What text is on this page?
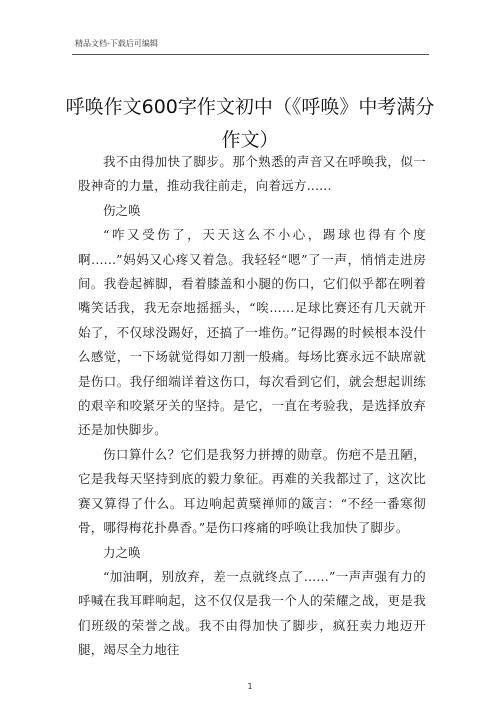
精品文档-下载后可编辑
呼唤作文600字作文初中（《呼唤》中考满分作文）

我不由得加快了脚步。那个熟悉的声音又在呼唤我，似一股神奇的力量，推动我往前走，向着远方......

伤之唤

“咋又受伤了，天天这么不小心，踢球也得有个度啊......”妈妈又心疼又着急。我轻轻“嗯”了一声，悄悄走进房间。我卷起裤脚，看着膝盖和小腿的伤口，它们似乎都在咧着嘴笑话我，我无奈地摇摇头，“唉......足球比赛还有几天就开始了，不仅球没踢好，还搞了一堆伤。”记得踢的时候根本没什么感觉，一下场就觉得如刀割一般痛。每场比赛永远不缺席就是伤口。我仔细端详着这伤口，每次看到它们，就会想起训练的艰辛和咬紧牙关的坚持。是它，一直在考验我，是选择放弃还是加快脚步。

伤口算什么？它们是我努力拼搏的勋章。伤疤不是丑陋，它是我每天坚持到底的毅力象征。再难的关我都过了，这次比赛又算得了什么。耳边响起黄檗禅师的箴言：“不经一番寒彻骨，哪得梅花扑鼻香。”是伤口疼痛的呼唤让我加快了脚步。

力之唤

“加油啊，别放弃，差一点就终点了......”一声声强有力的呼喊在我耳畔响起，这不仅仅是我一个人的荣耀之战，更是我们班级的荣誉之战。我不由得加快了脚步，疯狂卖力地迈开腿，竭尽全力地往

1
